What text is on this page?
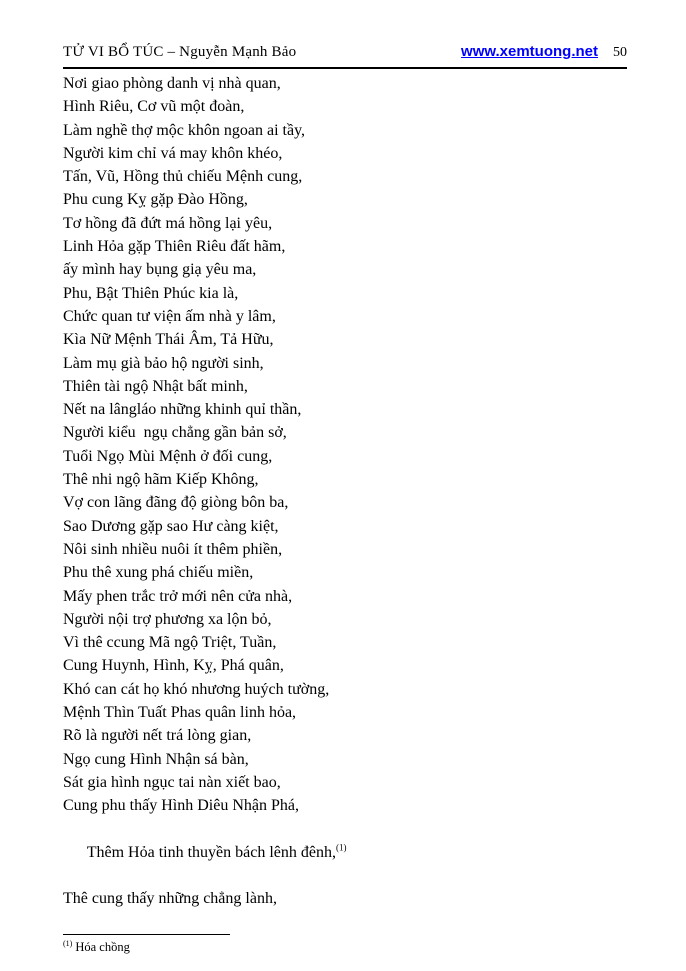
TỬ VI BỔ TÚC – Nguyễn Mạnh Bảo	www.xemtuong.net 50
Nơi giao phòng danh vị nhà quan,
Hình Riêu, Cơ vũ một đoàn,
Làm nghề thợ mộc khôn ngoan ai tầy,
Người kim chỉ vá may khôn khéo,
Tấn, Vũ, Hồng thủ chiếu Mệnh cung,
Phu cung Kỵ gặp Đào Hồng,
Tơ hồng đã đứt má hồng lại yêu,
Linh Hỏa gặp Thiên Riêu đất hãm,
ấy mình hay bụng giạ yêu ma,
Phu, Bật Thiên Phúc kia là,
Chức quan tư viện ấm nhà y lâm,
Kìa Nữ Mệnh Thái Âm, Tả Hữu,
Làm mụ già bảo hộ người sinh,
Thiên tài ngộ Nhật bất minh,
Nết na lângláo những khinh quỉ thần,
Người kiểu  ngụ chẳng gần bản sở,
Tuổi Ngọ Mùi Mệnh ở đối cung,
Thê nhi ngộ hãm Kiếp Không,
Vợ con lãng đãng độ giòng bôn ba,
Sao Dương gặp sao Hư càng kiệt,
Nôi sinh nhiều nuôi ít thêm phiền,
Phu thê xung phá chiếu miền,
Mấy phen trắc trở mới nên cửa nhà,
Người nội trợ phương xa lộn bỏ,
Vì thê ccung Mã ngộ Triệt, Tuần,
Cung Huynh, Hình, Kỵ, Phá quân,
Khó can cát họ khó nhương huých tường,
Mệnh Thìn Tuất Phas quân linh hỏa,
Rõ là người nết trá lòng gian,
Ngọ cung Hình Nhận sá bàn,
Sát gia hình ngục tai nàn xiết bao,
Cung phu thấy Hình Diêu Nhận Phá,

Thêm Hỏa tinh thuyền bách lênh đênh,$^{(1)}$

Thê cung thấy những chẳng lành,
$^{(1)}$ Hóa chồng
